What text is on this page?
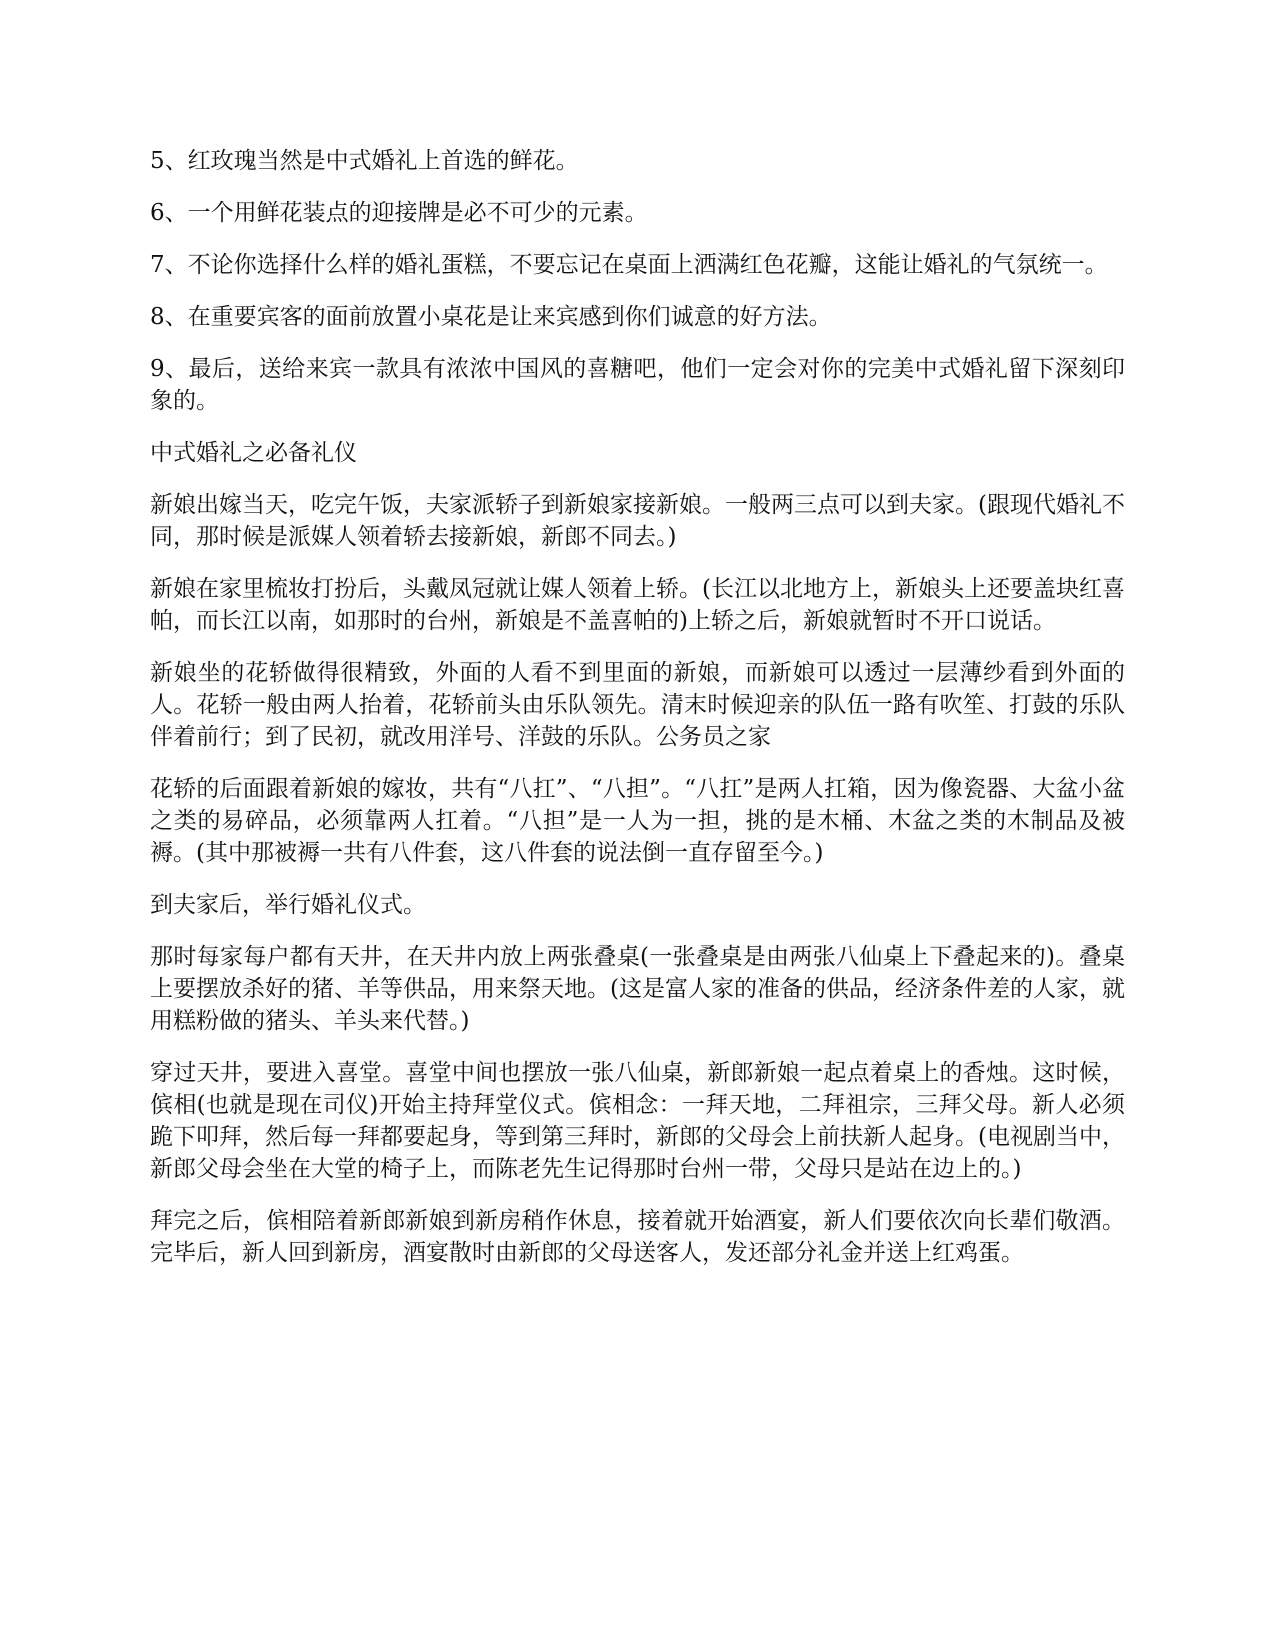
5、红玫瑰当然是中式婚礼上首选的鲜花。

6、一个用鲜花装点的迎接牌是必不可少的元素。

7、不论你选择什么样的婚礼蛋糕，不要忘记在桌面上洒满红色花瓣，这能让婚礼的气氛统一。

8、在重要宾客的面前放置小桌花是让来宾感到你们诚意的好方法。

9、最后，送给来宾一款具有浓浓中国风的喜糖吧，他们一定会对你的完美中式婚礼留下深刻印象的。

中式婚礼之必备礼仪

新娘出嫁当天，吃完午饭，夫家派轿子到新娘家接新娘。一般两三点可以到夫家。(跟现代婚礼不同，那时候是派媒人领着轿去接新娘，新郎不同去。)

新娘在家里梳妆打扮后，头戴凤冠就让媒人领着上轿。(长江以北地方上，新娘头上还要盖块红喜帕，而长江以南，如那时的台州，新娘是不盖喜帕的)上轿之后，新娘就暂时不开口说话。

新娘坐的花轿做得很精致，外面的人看不到里面的新娘，而新娘可以透过一层薄纱看到外面的人。花轿一般由两人抬着，花轿前头由乐队领先。清末时候迎亲的队伍一路有吹笙、打鼓的乐队伴着前行；到了民初，就改用洋号、洋鼓的乐队。公务员之家

花轿的后面跟着新娘的嫁妆，共有“八扛”、“八担”。“八扛”是两人扛箱，因为像瓷器、大盆小盆之类的易碎品，必须靠两人扛着。“八担”是一人为一担，挑的是木桶、木盆之类的木制品及被褥。(其中那被褥一共有八件套，这八件套的说法倒一直存留至今。)

到夫家后，举行婚礼仪式。

那时每家每户都有天井，在天井内放上两张叠桌(一张叠桌是由两张八仙桌上下叠起来的)。叠桌上要摆放杀好的猪、羊等供品，用来祭天地。(这是富人家的准备的供品，经济条件差的人家，就用糕粉做的猪头、羊头来代替。)

穿过天井，要进入喜堂。喜堂中间也摆放一张八仙桌，新郎新娘一起点着桌上的香烛。这时候，傧相(也就是现在司仪)开始主持拜堂仪式。傧相念：一拜天地，二拜祖宗，三拜父母。新人必须跪下叩拜，然后每一拜都要起身，等到第三拜时，新郎的父母会上前扶新人起身。(电视剧当中，新郎父母会坐在大堂的椅子上，而陈老先生记得那时台州一带，父母只是站在边上的。)

拜完之后，傧相陪着新郎新娘到新房稍作休息，接着就开始酒宴，新人们要依次向长辈们敬酒。完毕后，新人回到新房，酒宴散时由新郎的父母送客人，发还部分礼金并送上红鸡蛋。
